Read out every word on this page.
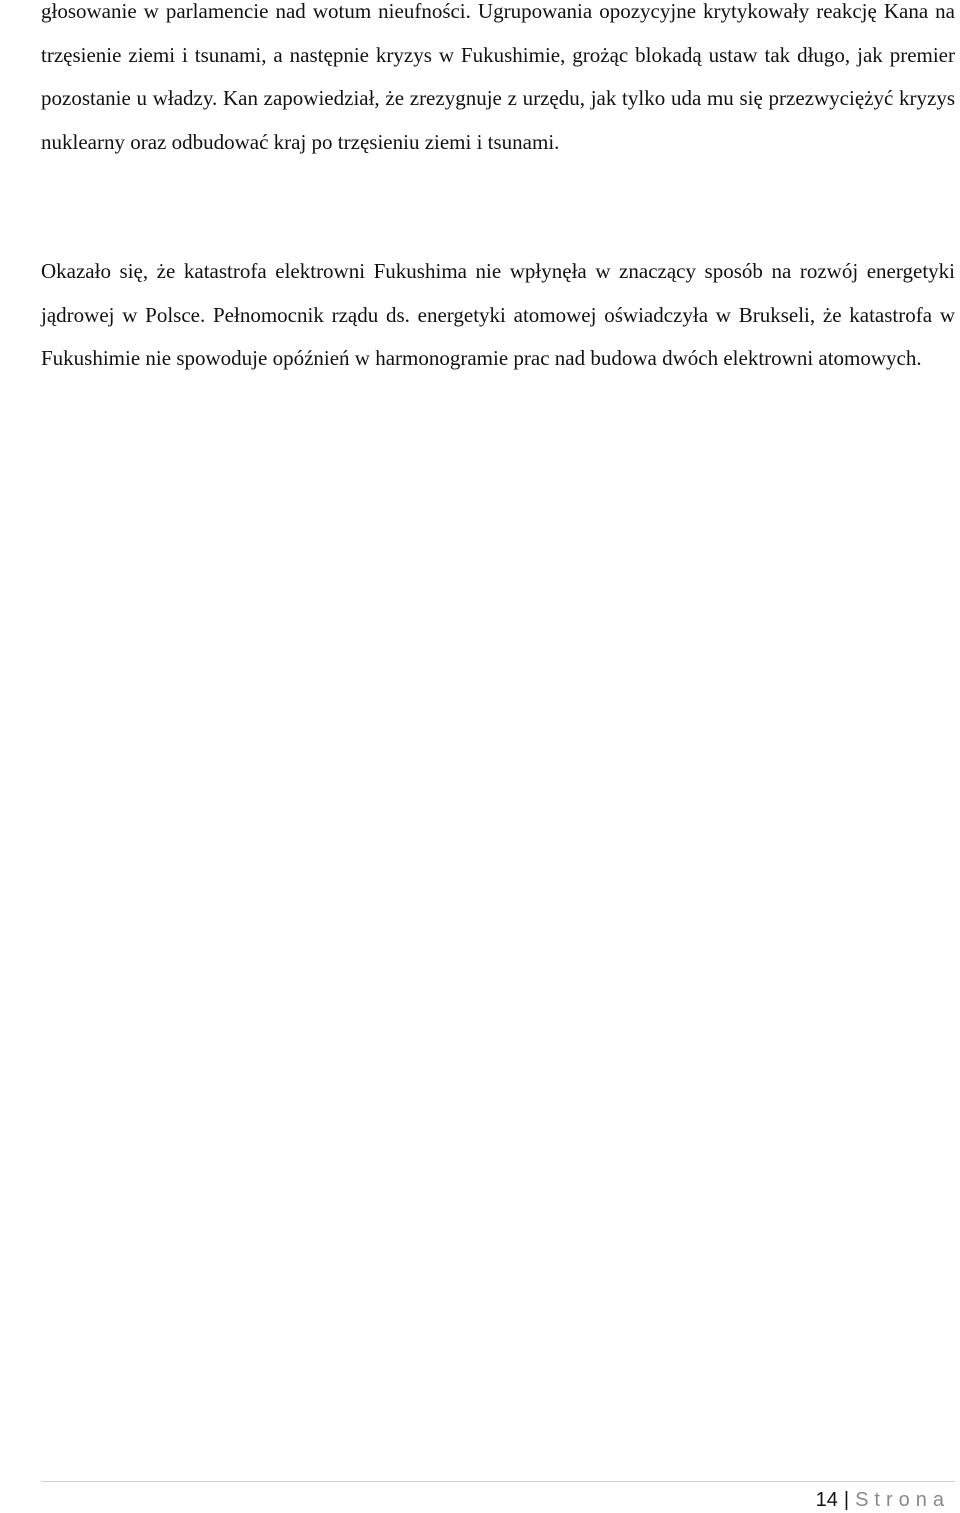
głosowanie w parlamencie nad wotum nieufności. Ugrupowania opozycyjne krytykowały reakcję Kana na trzęsienie ziemi i tsunami, a następnie kryzys w Fukushimie, grożąc blokadą ustaw tak długo, jak premier pozostanie u władzy. Kan zapowiedział, że zrezygnuje z urzędu, jak tylko uda mu się przezwyciężyć kryzys nuklearny oraz odbudować kraj po trzęsieniu ziemi i tsunami.

Okazało się, że katastrofa elektrowni Fukushima nie wpłynęła w znaczący sposób na rozwój energetyki jądrowej w Polsce. Pełnomocnik rządu ds. energetyki atomowej oświadczyła w Brukseli, że katastrofa w Fukushimie nie spowoduje opóźnień w harmonogramie prac nad budowa dwóch elektrowni atomowych.

14 | Strona
